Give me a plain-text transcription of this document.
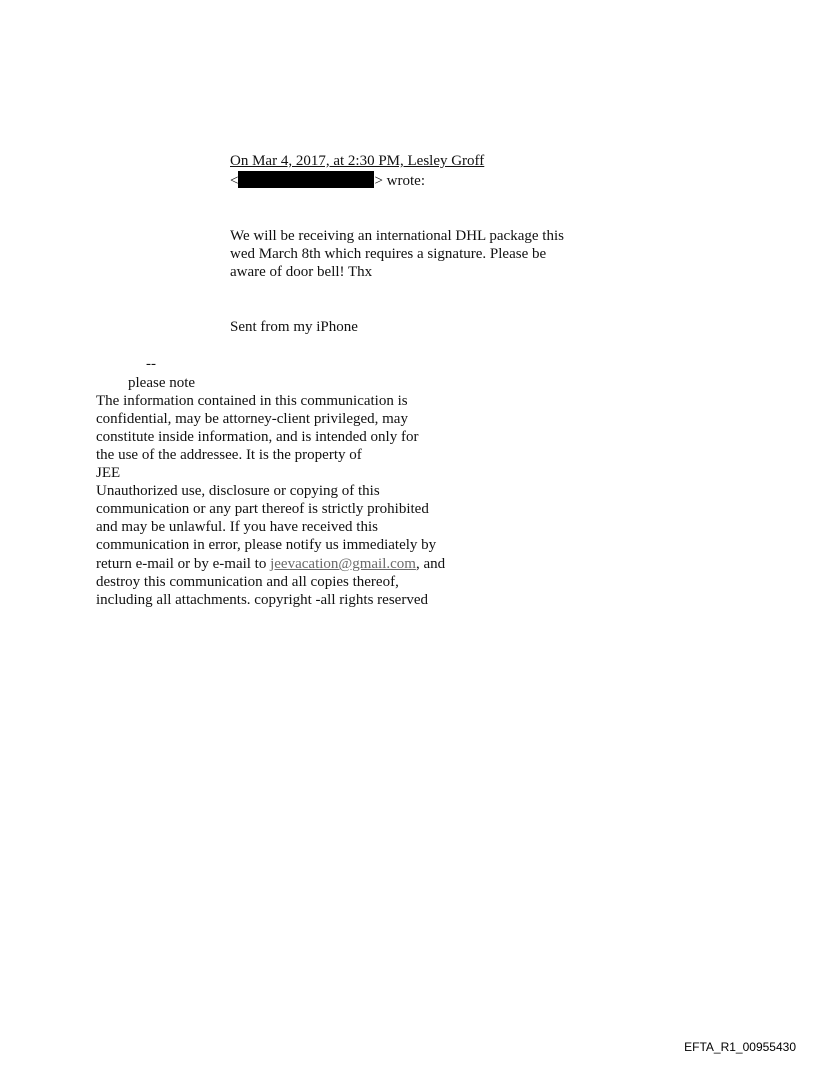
On Mar 4, 2017, at 2:30 PM, Lesley Groff
<	> wrote:
We will be receiving an international DHL package this
wed March 8th which requires a signature. Please be
aware of door bell! Thx
Sent from my iPhone
--
please note
The information contained in this communication is
confidential, may be attorney-client privileged, may
constitute inside information, and is intended only for
the use of the addressee. It is the property of
JEE
Unauthorized use, disclosure or copying of this
communication or any part thereof is strictly prohibited
and may be unlawful. If you have received this
communication in error, please notify us immediately by
return e-mail or by e-mail to jeevacation@gmail.com, and
destroy this communication and all copies thereof,
including all attachments. copyright -all rights reserved
EFTA_R1_00955430
